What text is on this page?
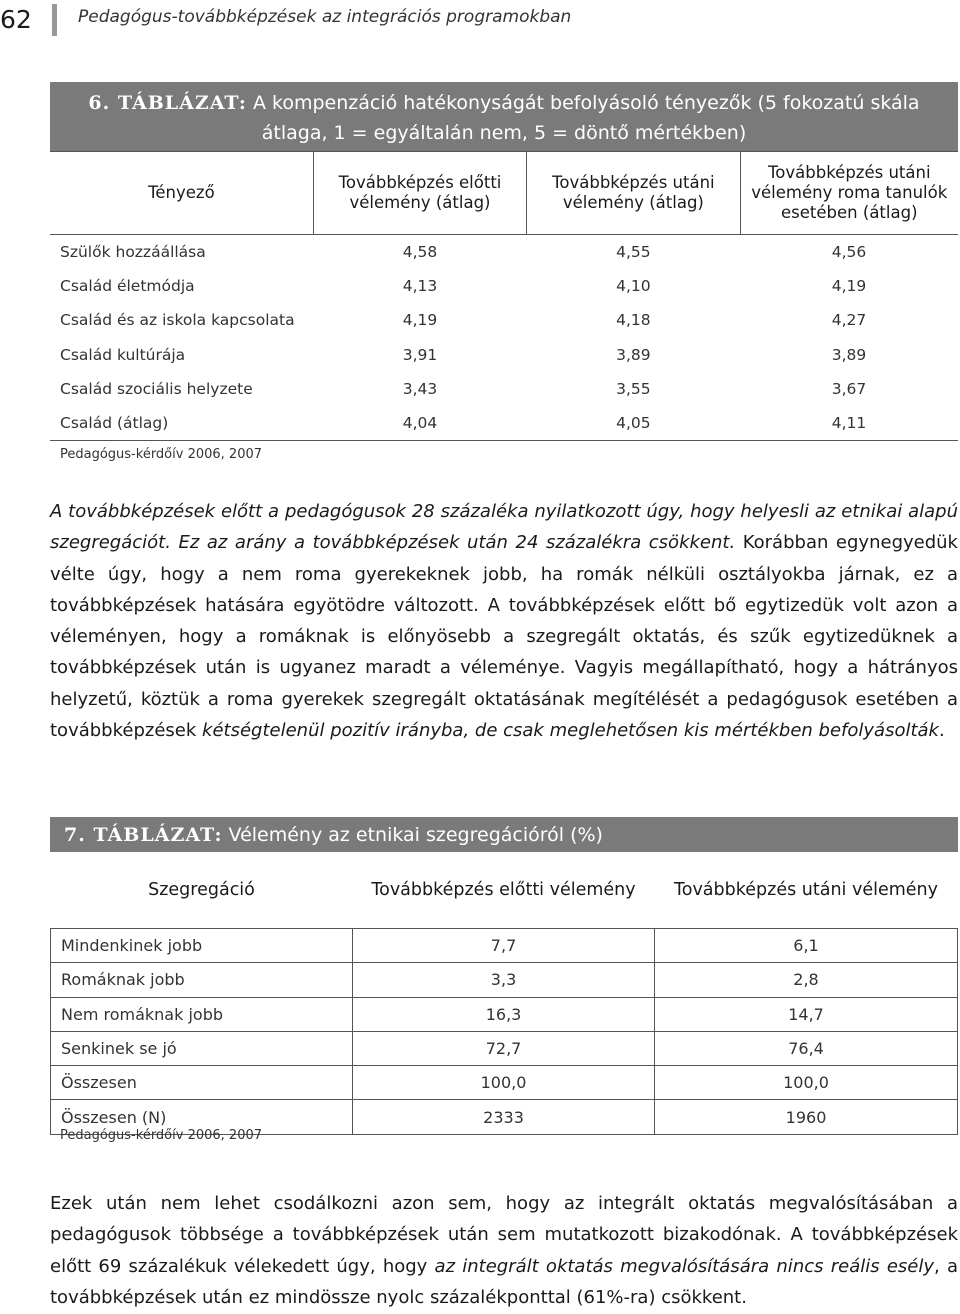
62	Pedagógus-továbbképzések az integrációs programokban
6. TÁBLÁZAT: A kompenzáció hatékonyságát befolyásoló tényezők (5 fokozatú skála átlaga, 1 = egyáltalán nem, 5 = döntő mértékben)
Tényező	Továbbképzés előtti vélemény (átlag)	Továbbképzés utáni vélemény (átlag)	Továbbképzés utáni vélemény roma tanulók esetében (átlag)
Szülők hozzáállása	4,58	4,55	4,56
Család életmódja	4,13	4,10	4,19
Család és az iskola kapcsolata	4,19	4,18	4,27
Család kultúrája	3,91	3,89	3,89
Család szociális helyzete	3,43	3,55	3,67
Család (átlag)	4,04	4,05	4,11
Pedagógus-kérdőív 2006, 2007
A továbbképzések előtt a pedagógusok 28 százaléka nyilatkozott úgy, hogy helyesli az etnikai alapú szegregációt. Ez az arány a továbbképzések után 24 százalékra csökkent. Korábban egynegyedük vélte úgy, hogy a nem roma gyerekeknek jobb, ha romák nélküli osztályokba járnak, ez a továbbképzések hatására egyötödre változott. A továbbképzések előtt bő egytizedük volt azon a véleményen, hogy a romáknak is előnyösebb a szegregált oktatás, és szűk egytizedüknek a továbbképzések után is ugyanez maradt a véleménye. Vagyis megállapítható, hogy a hátrányos helyzetű, köztük a roma gyerekek szegregált oktatásának megítélését a pedagógusok esetében a továbbképzések kétségtelenül pozitív irányba, de csak meglehetősen kis mértékben befolyásolták.
7. TÁBLÁZAT: Vélemény az etnikai szegregációról (%)
Szegregáció	Továbbképzés előtti vélemény	Továbbképzés utáni vélemény
Mindenkinek jobb	7,7	6,1
Romáknak jobb	3,3	2,8
Nem romáknak jobb	16,3	14,7
Senkinek se jó	72,7	76,4
Összesen	100,0	100,0
Összesen (N)	2333	1960
Pedagógus-kérdőív 2006, 2007
Ezek után nem lehet csodálkozni azon sem, hogy az integrált oktatás megvalósításában a pedagógusok többsége a továbbképzések után sem mutatkozott bizakodónak. A továbbképzések előtt 69 százalékuk vélekedett úgy, hogy az integrált oktatás megvalósítására nincs reális esély, a továbbképzések után ez mindössze nyolc százalékponttal (61%-ra) csökkent.
